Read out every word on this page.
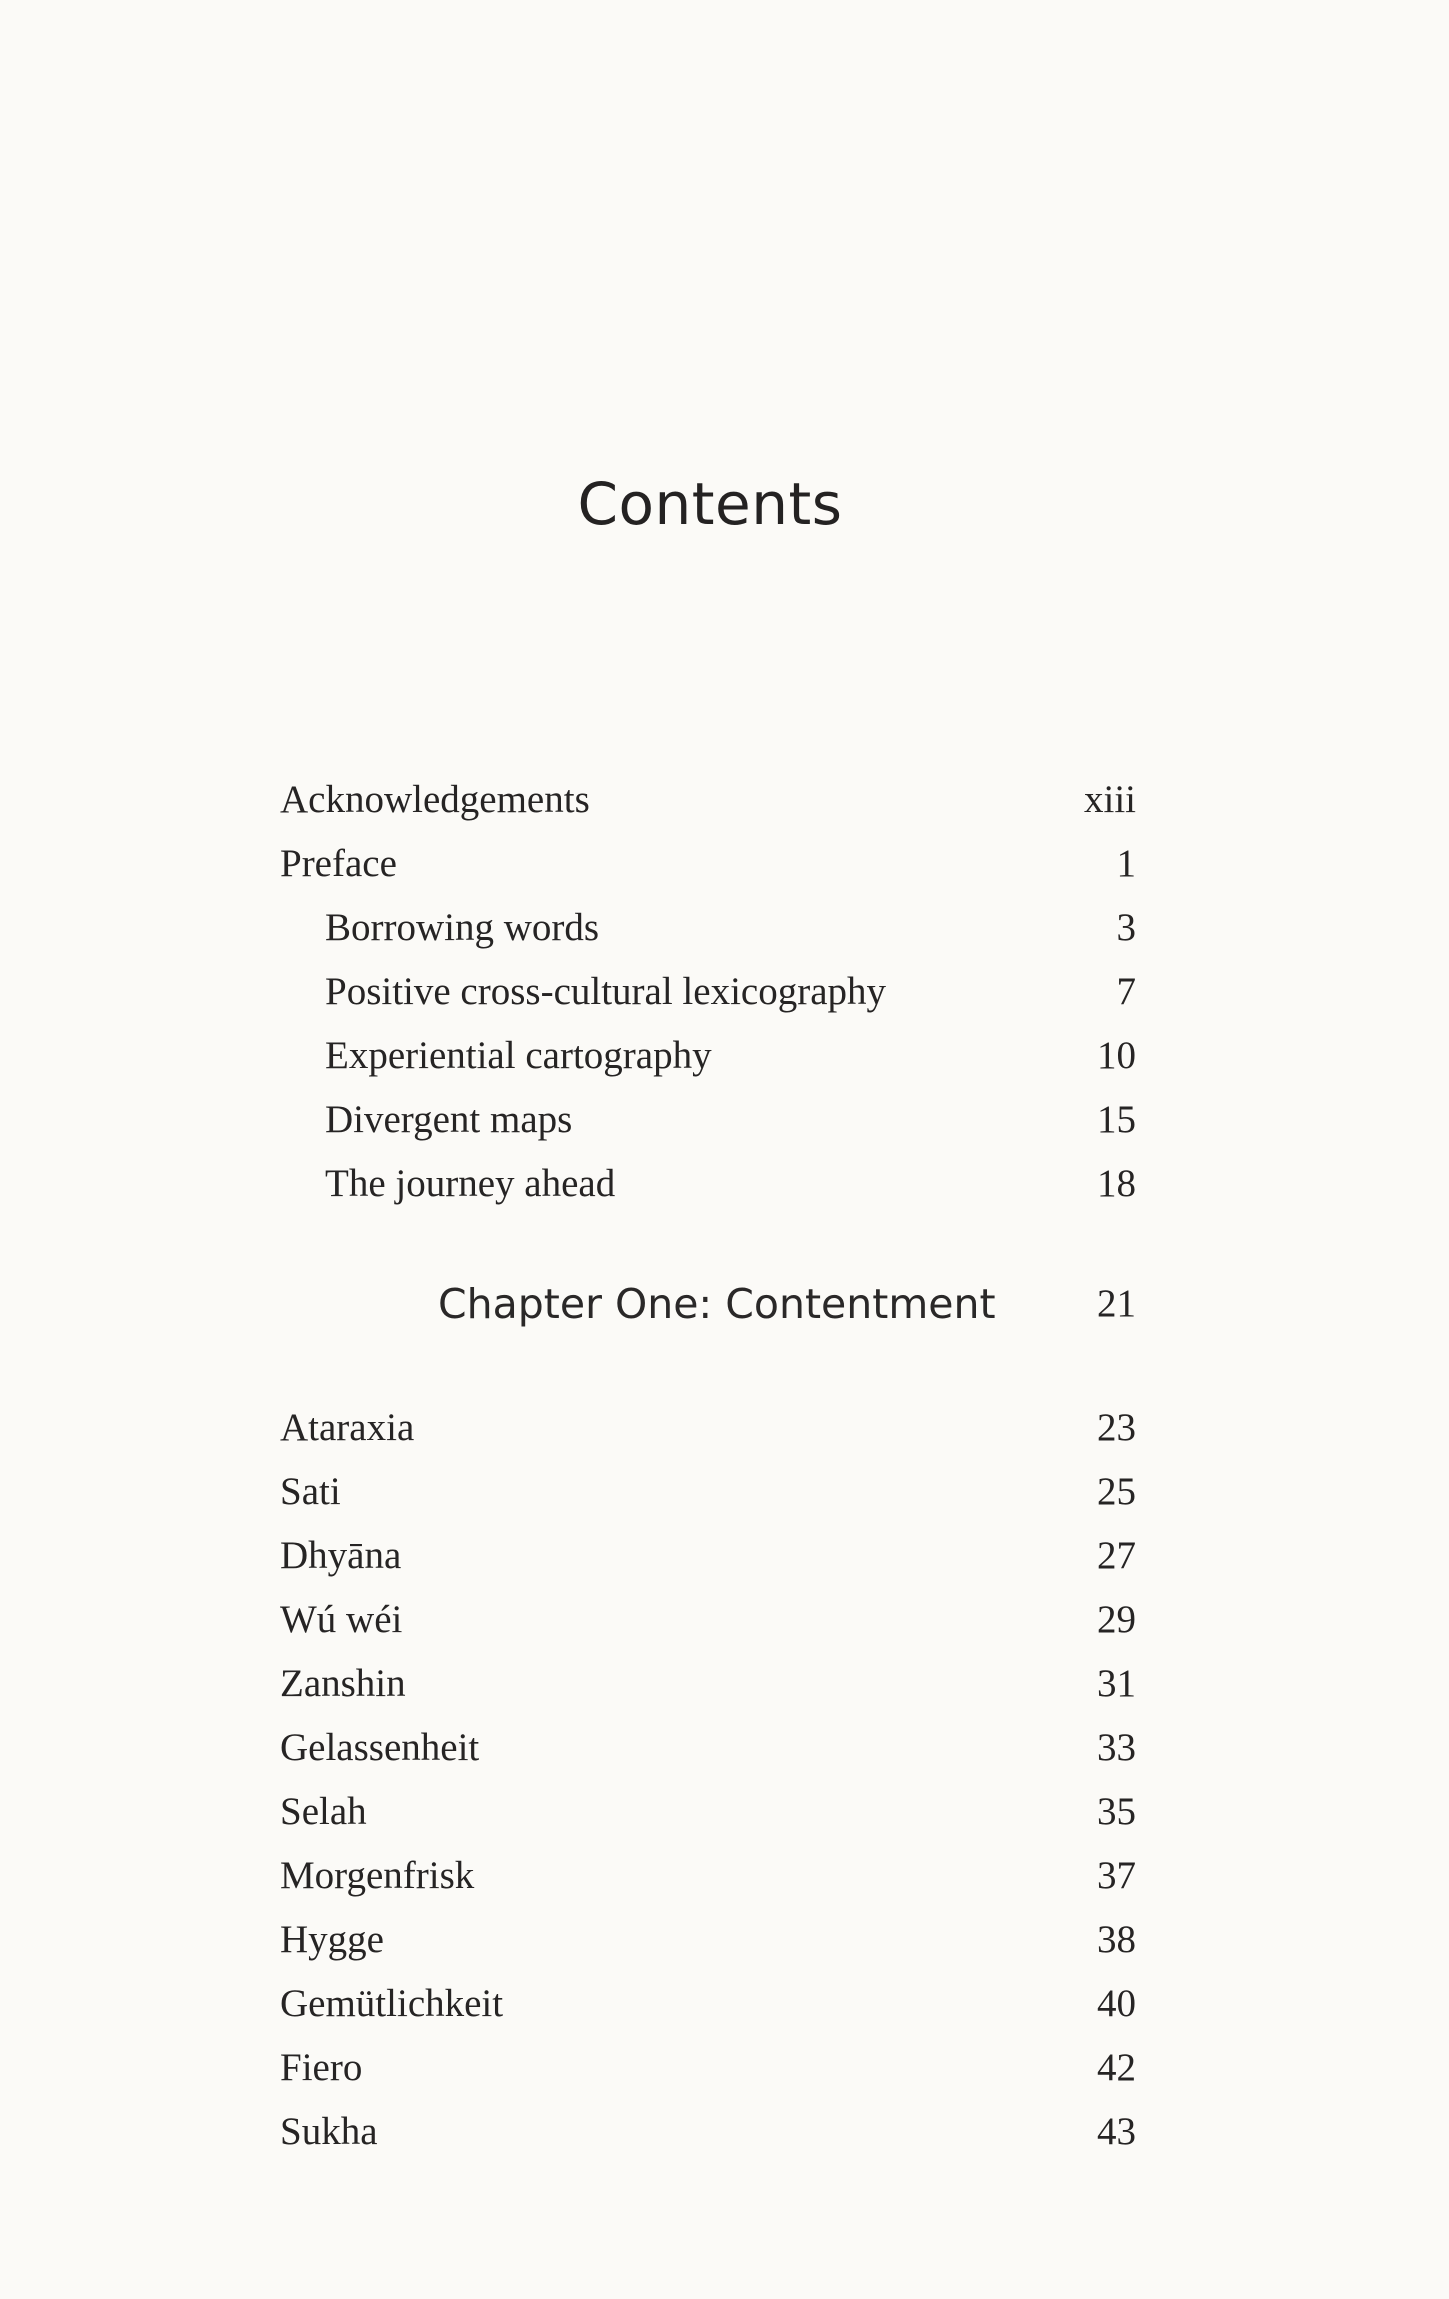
Contents
Acknowledgements	xiii
Preface	1
Borrowing words	3
Positive cross-cultural lexicography	7
Experiential cartography	10
Divergent maps	15
The journey ahead	18
Chapter One: Contentment	21
Ataraxia	23
Sati	25
Dhyāna	27
Wú wéi	29
Zanshin	31
Gelassenheit	33
Selah	35
Morgenfrisk	37
Hygge	38
Gemütlichkeit	40
Fiero	42
Sukha	43
